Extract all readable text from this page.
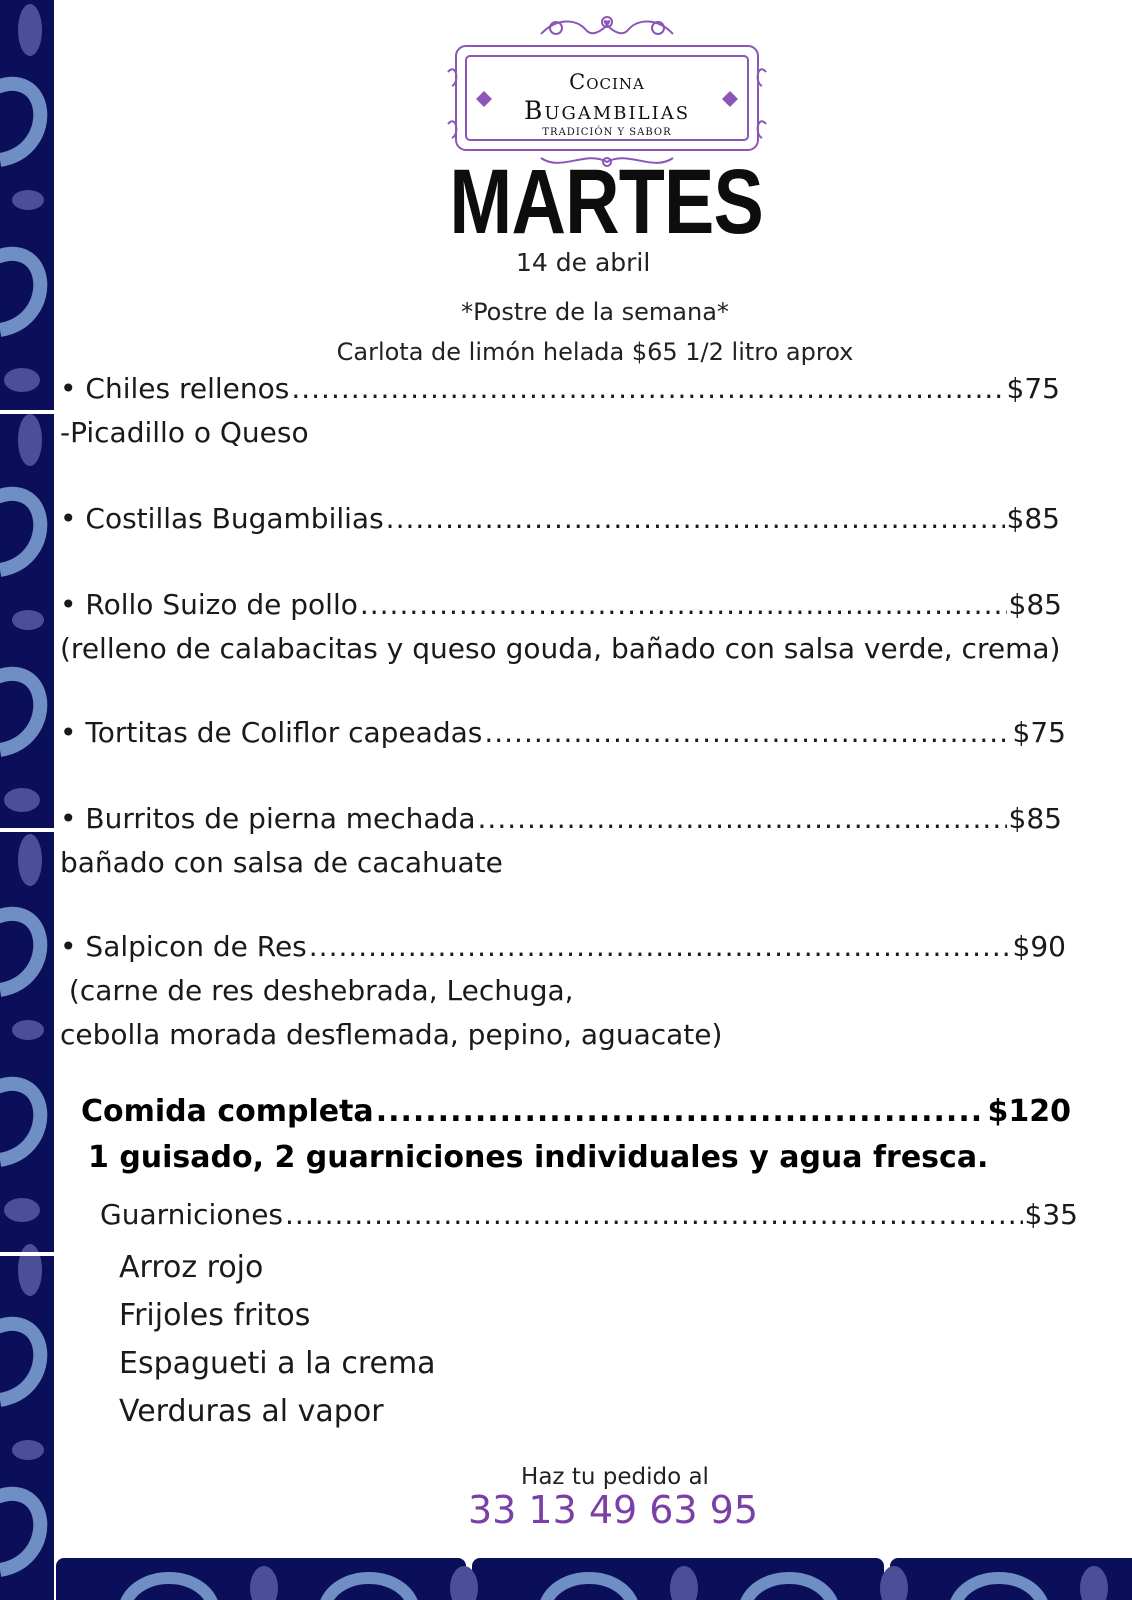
Cocina
Bugambilias
TRADICIÓN Y SABOR
MARTES
14 de abril
*Postre de la semana*
Carlota de limón helada $65 1/2 litro aprox
• Chiles rellenos .....	$75
-Picadillo o Queso
• Costillas Bugambilias .....	$85
• Rollo Suizo de pollo .....	$85
(relleno de calabacitas y queso gouda, bañado con salsa verde, crema)
• Tortitas de Coliflor capeadas .....	$75
• Burritos de pierna mechada .....	$85
bañado con salsa de cacahuate
• Salpicon de Res .....	$90
(carne de res deshebrada, Lechuga,
cebolla morada desflemada, pepino, aguacate)
Comida completa .....	$120
1 guisado, 2 guarniciones individuales y agua fresca.
Guarniciones .....	$35
Arroz rojo
Frijoles fritos
Espagueti a la crema
Verduras al vapor
Haz tu pedido al
33 13 49 63 95
